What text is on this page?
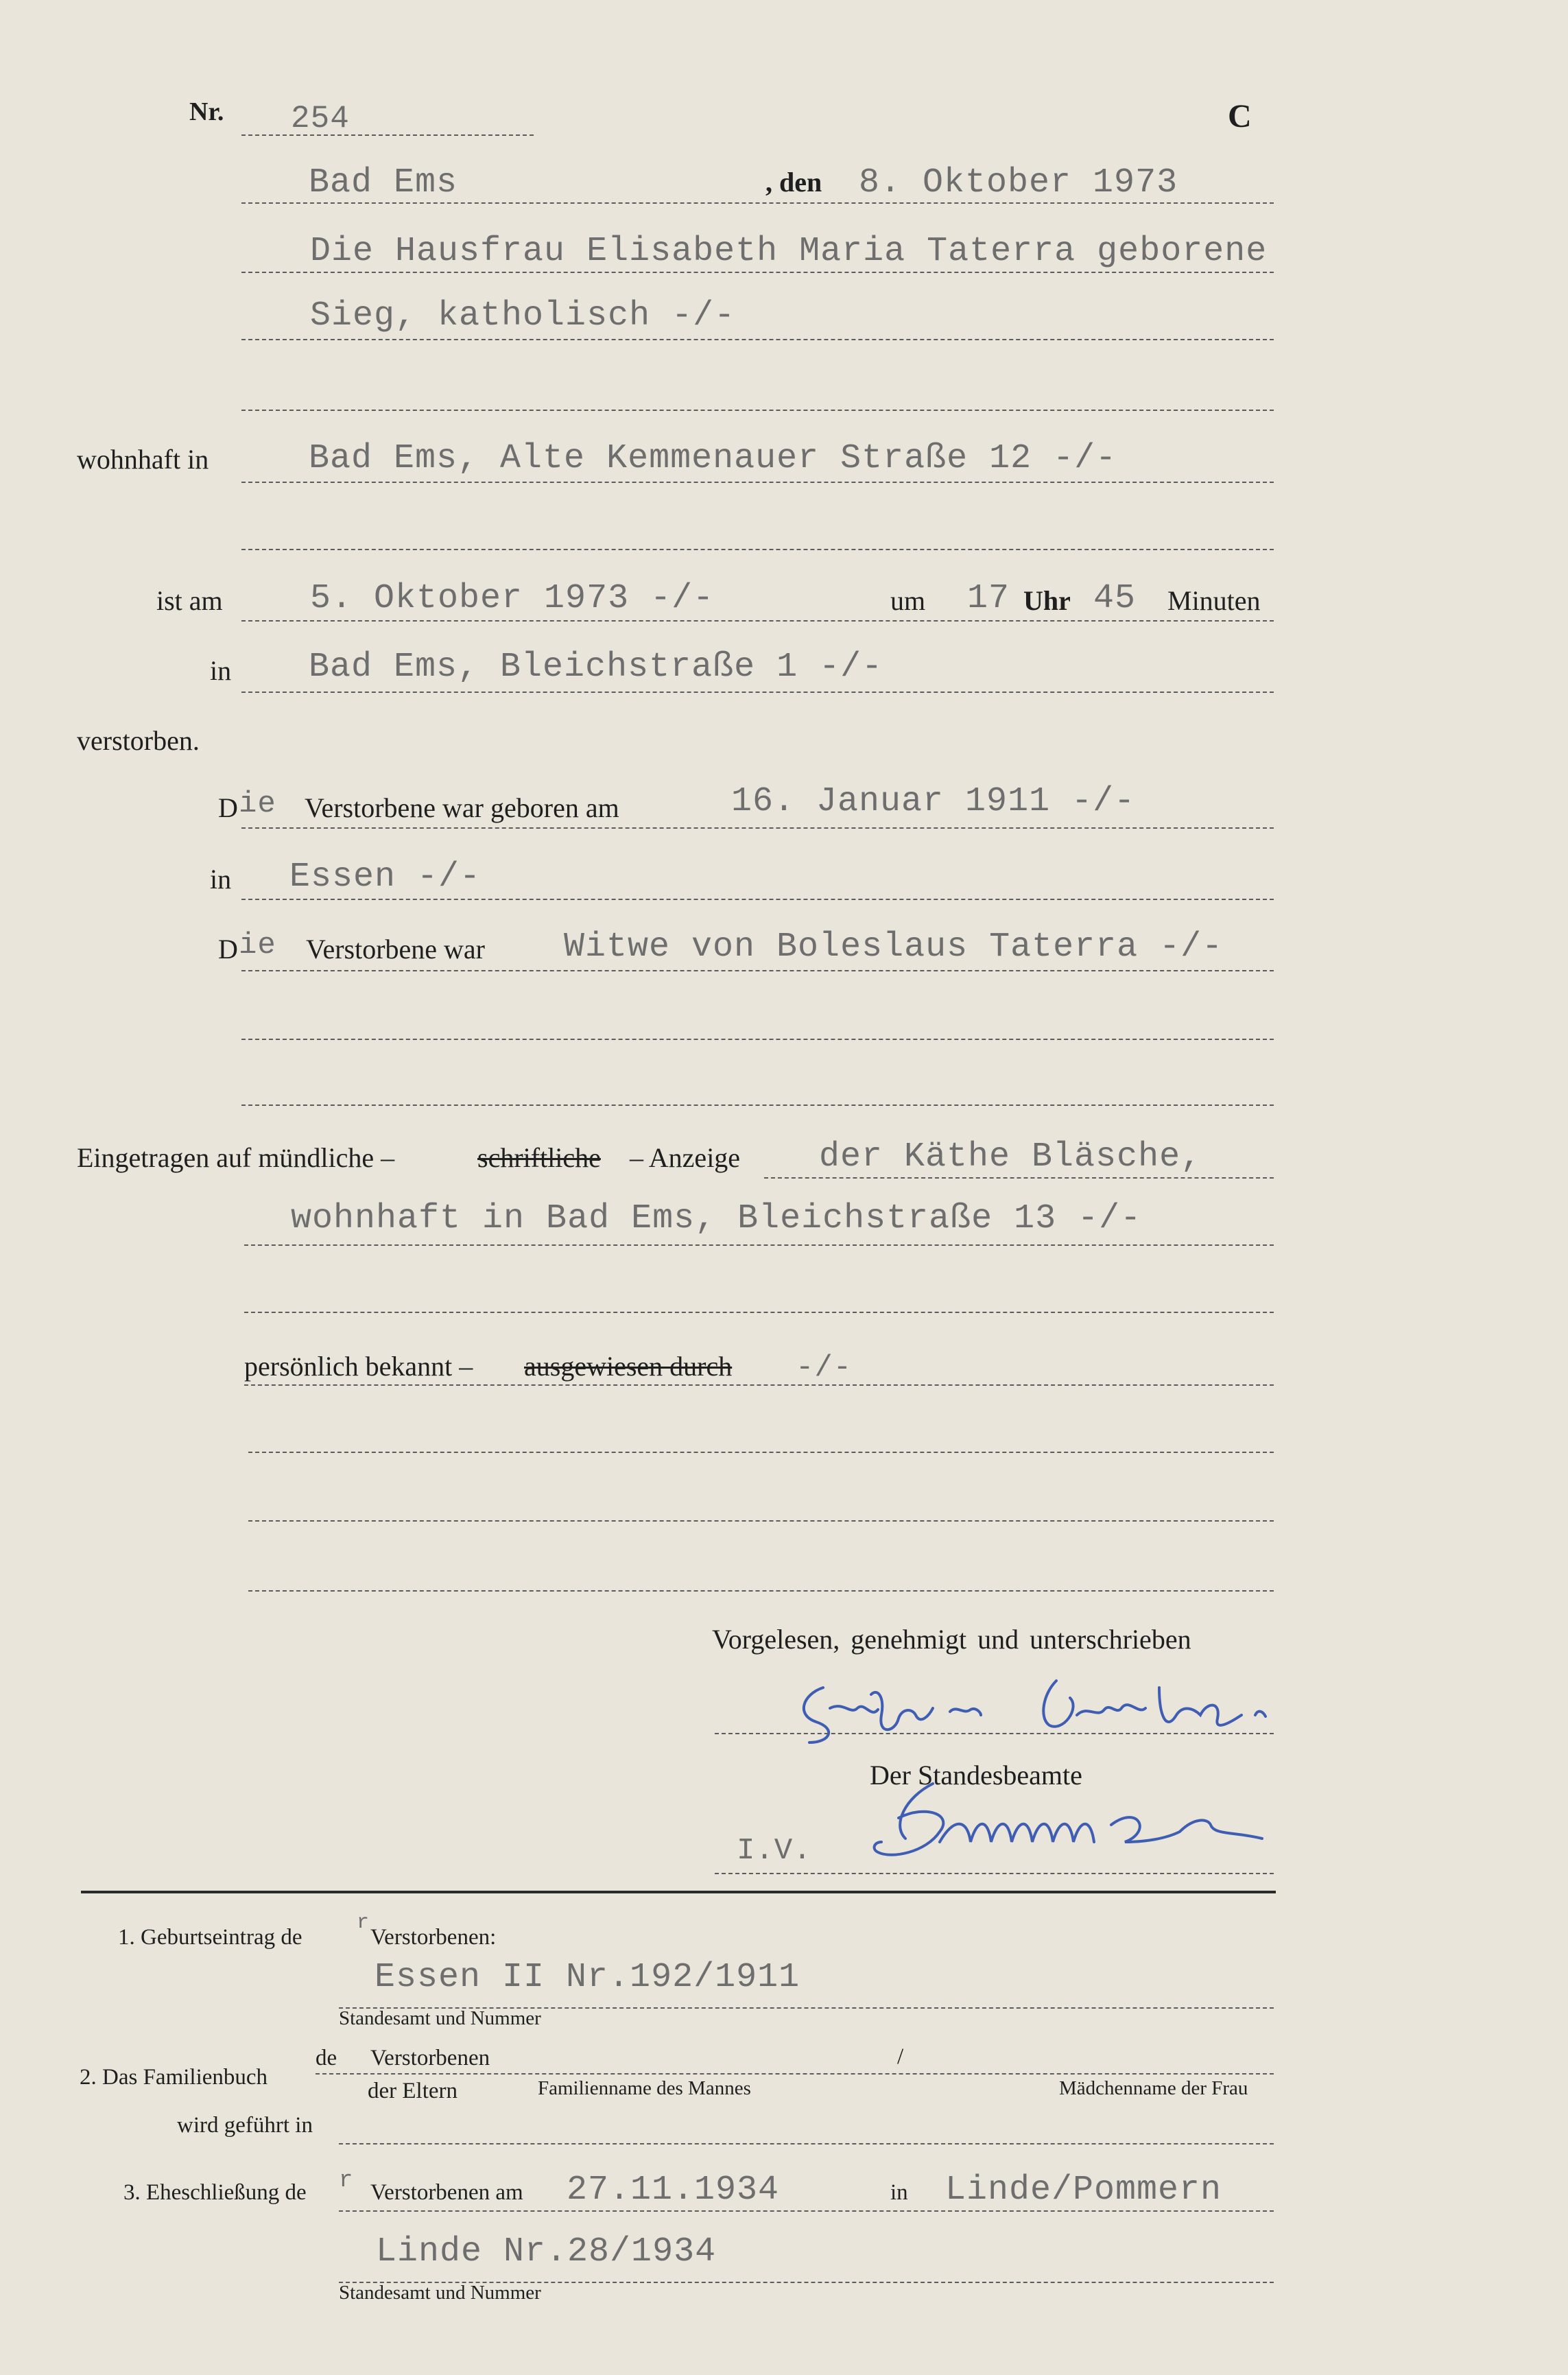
Nr. 254	C
Bad Ems	, den 8. Oktober 1973
Die Hausfrau Elisabeth Maria Taterra geborene
Sieg, katholisch -/-
wohnhaft in	Bad Ems, Alte Kemmenauer Straße 12 -/-
ist am	5. Oktober 1973 -/-	um 17 Uhr 45 Minuten
in Bad Ems, Bleichstraße 1 -/-
verstorben.
D ie Verstorbene war geboren am	16. Januar 1911 -/-
in Essen -/-
D ie Verstorbene war Witwe von Boleslaus Taterra -/-
Eingetragen auf mündliche –	schriftliche – Anzeige der Käthe Bläsche,
wohnhaft in Bad Ems, Bleichstraße 13 -/-
persönlich bekannt – ausgewiesen durch -/-
Vorgelesen, genehmigt und unterschrieben
Der Standesbeamte
I.V.
1. Geburtseintrag de
r
Verstorbenen:
Essen II Nr.192/1911
Standesamt und Nummer
2. Das Familienbuch
de Verstorbenen	/
der Eltern	Familienname des Mannes	Mädchenname der Frau
wird geführt in
3. Eheschließung de r Verstorbenen am 27.11.1934	in Linde/Pommern
Linde Nr.28/1934
Standesamt und Nummer
